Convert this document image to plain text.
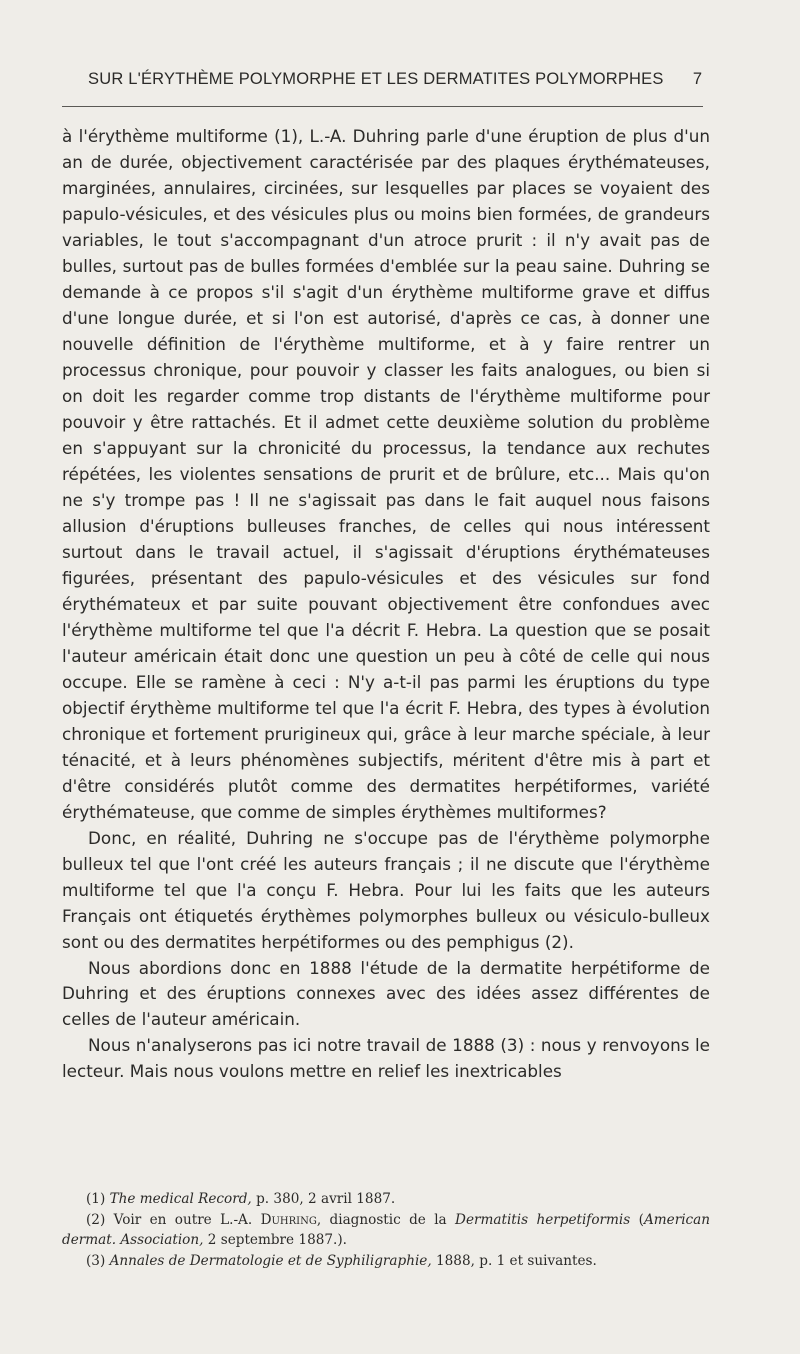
SUR L'ÉRYTHÈME POLYMORPHE ET LES DERMATITES POLYMORPHES 7

à l'érythème multiforme (1), L.-A. Duhring parle d'une éruption de plus d'un an de durée, objectivement caractérisée par des plaques érythémateuses, marginées, annulaires, circinées, sur lesquelles par places se voyaient des papulo-vésicules, et des vésicules plus ou moins bien formées, de grandeurs variables, le tout s'accompagnant d'un atroce prurit : il n'y avait pas de bulles, surtout pas de bulles formées d'emblée sur la peau saine. Duhring se demande à ce propos s'il s'agit d'un érythème multiforme grave et diffus d'une longue durée, et si l'on est autorisé, d'après ce cas, à donner une nouvelle définition de l'érythème multiforme, et à y faire rentrer un processus chronique, pour pouvoir y classer les faits analogues, ou bien si on doit les regarder comme trop distants de l'érythème multiforme pour pouvoir y être rattachés. Et il admet cette deuxième solution du problème en s'appuyant sur la chronicité du processus, la tendance aux rechutes répétées, les violentes sensations de prurit et de brûlure, etc... Mais qu'on ne s'y trompe pas ! Il ne s'agissait pas dans le fait auquel nous faisons allusion d'éruptions bulleuses franches, de celles qui nous intéressent surtout dans le travail actuel, il s'agissait d'éruptions érythémateuses figurées, présentant des papulo-vésicules et des vésicules sur fond érythémateux et par suite pouvant objectivement être confondues avec l'érythème multiforme tel que l'a décrit F. Hebra. La question que se posait l'auteur américain était donc une question un peu à côté de celle qui nous occupe. Elle se ramène à ceci : N'y a-t-il pas parmi les éruptions du type objectif érythème multiforme tel que l'a écrit F. Hebra, des types à évolution chronique et fortement prurigineux qui, grâce à leur marche spéciale, à leur ténacité, et à leurs phénomènes subjectifs, méritent d'être mis à part et d'être considérés plutôt comme des dermatites herpétiformes, variété érythémateuse, que comme de simples érythèmes multiformes?

Donc, en réalité, Duhring ne s'occupe pas de l'érythème polymorphe bulleux tel que l'ont créé les auteurs français ; il ne discute que l'érythème multiforme tel que l'a conçu F. Hebra. Pour lui les faits que les auteurs Français ont étiquetés érythèmes polymorphes bulleux ou vésiculo-bulleux sont ou des dermatites herpétiformes ou des pemphigus (2).

Nous abordions donc en 1888 l'étude de la dermatite herpétiforme de Duhring et des éruptions connexes avec des idées assez différentes de celles de l'auteur américain.

Nous n'analyserons pas ici notre travail de 1888 (3) : nous y renvoyons le lecteur. Mais nous voulons mettre en relief les inextricables

(1) The medical Record, p. 380, 2 avril 1887.

(2) Voir en outre L.-A. Duhring, diagnostic de la Dermatitis herpetiformis (American dermat. Association, 2 septembre 1887.).

(3) Annales de Dermatologie et de Syphiligraphie, 1888, p. 1 et suivantes.
